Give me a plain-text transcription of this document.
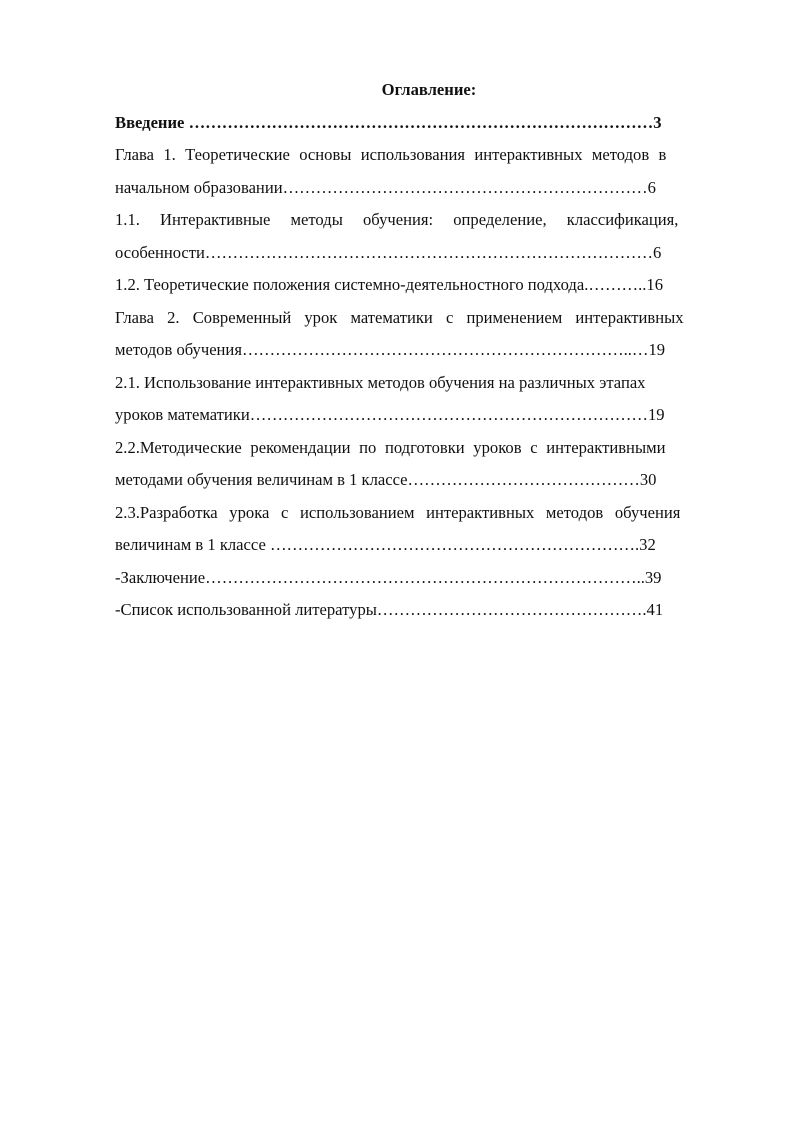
Оглавление:

Введение …………………………………………………………………………3
Глава 1. Теоретические основы использования интерактивных методов в
начальном образовании…………………………………………………………6
1.1. Интерактивные методы обучения: определение, классификация,
особенности………………………………………………………………………6
1.2. Теоретические положения системно-деятельностного подхода.………..16
Глава 2. Современный урок математики с применением интерактивных
методов обучения……………………………………………………………..…19
2.1. Использование интерактивных методов обучения на различных этапах
уроков математики………………………………………………………………19
2.2.Методические рекомендации по подготовки уроков с интерактивными
методами обучения величинам в 1 классе……………………………………30
2.3.Разработка урока с использованием интерактивных методов обучения
величинам в 1 классе ………………………………………………………….32
-Заключение……………………………………………………………………..39
-Список использованной литературы………………………………………….41
